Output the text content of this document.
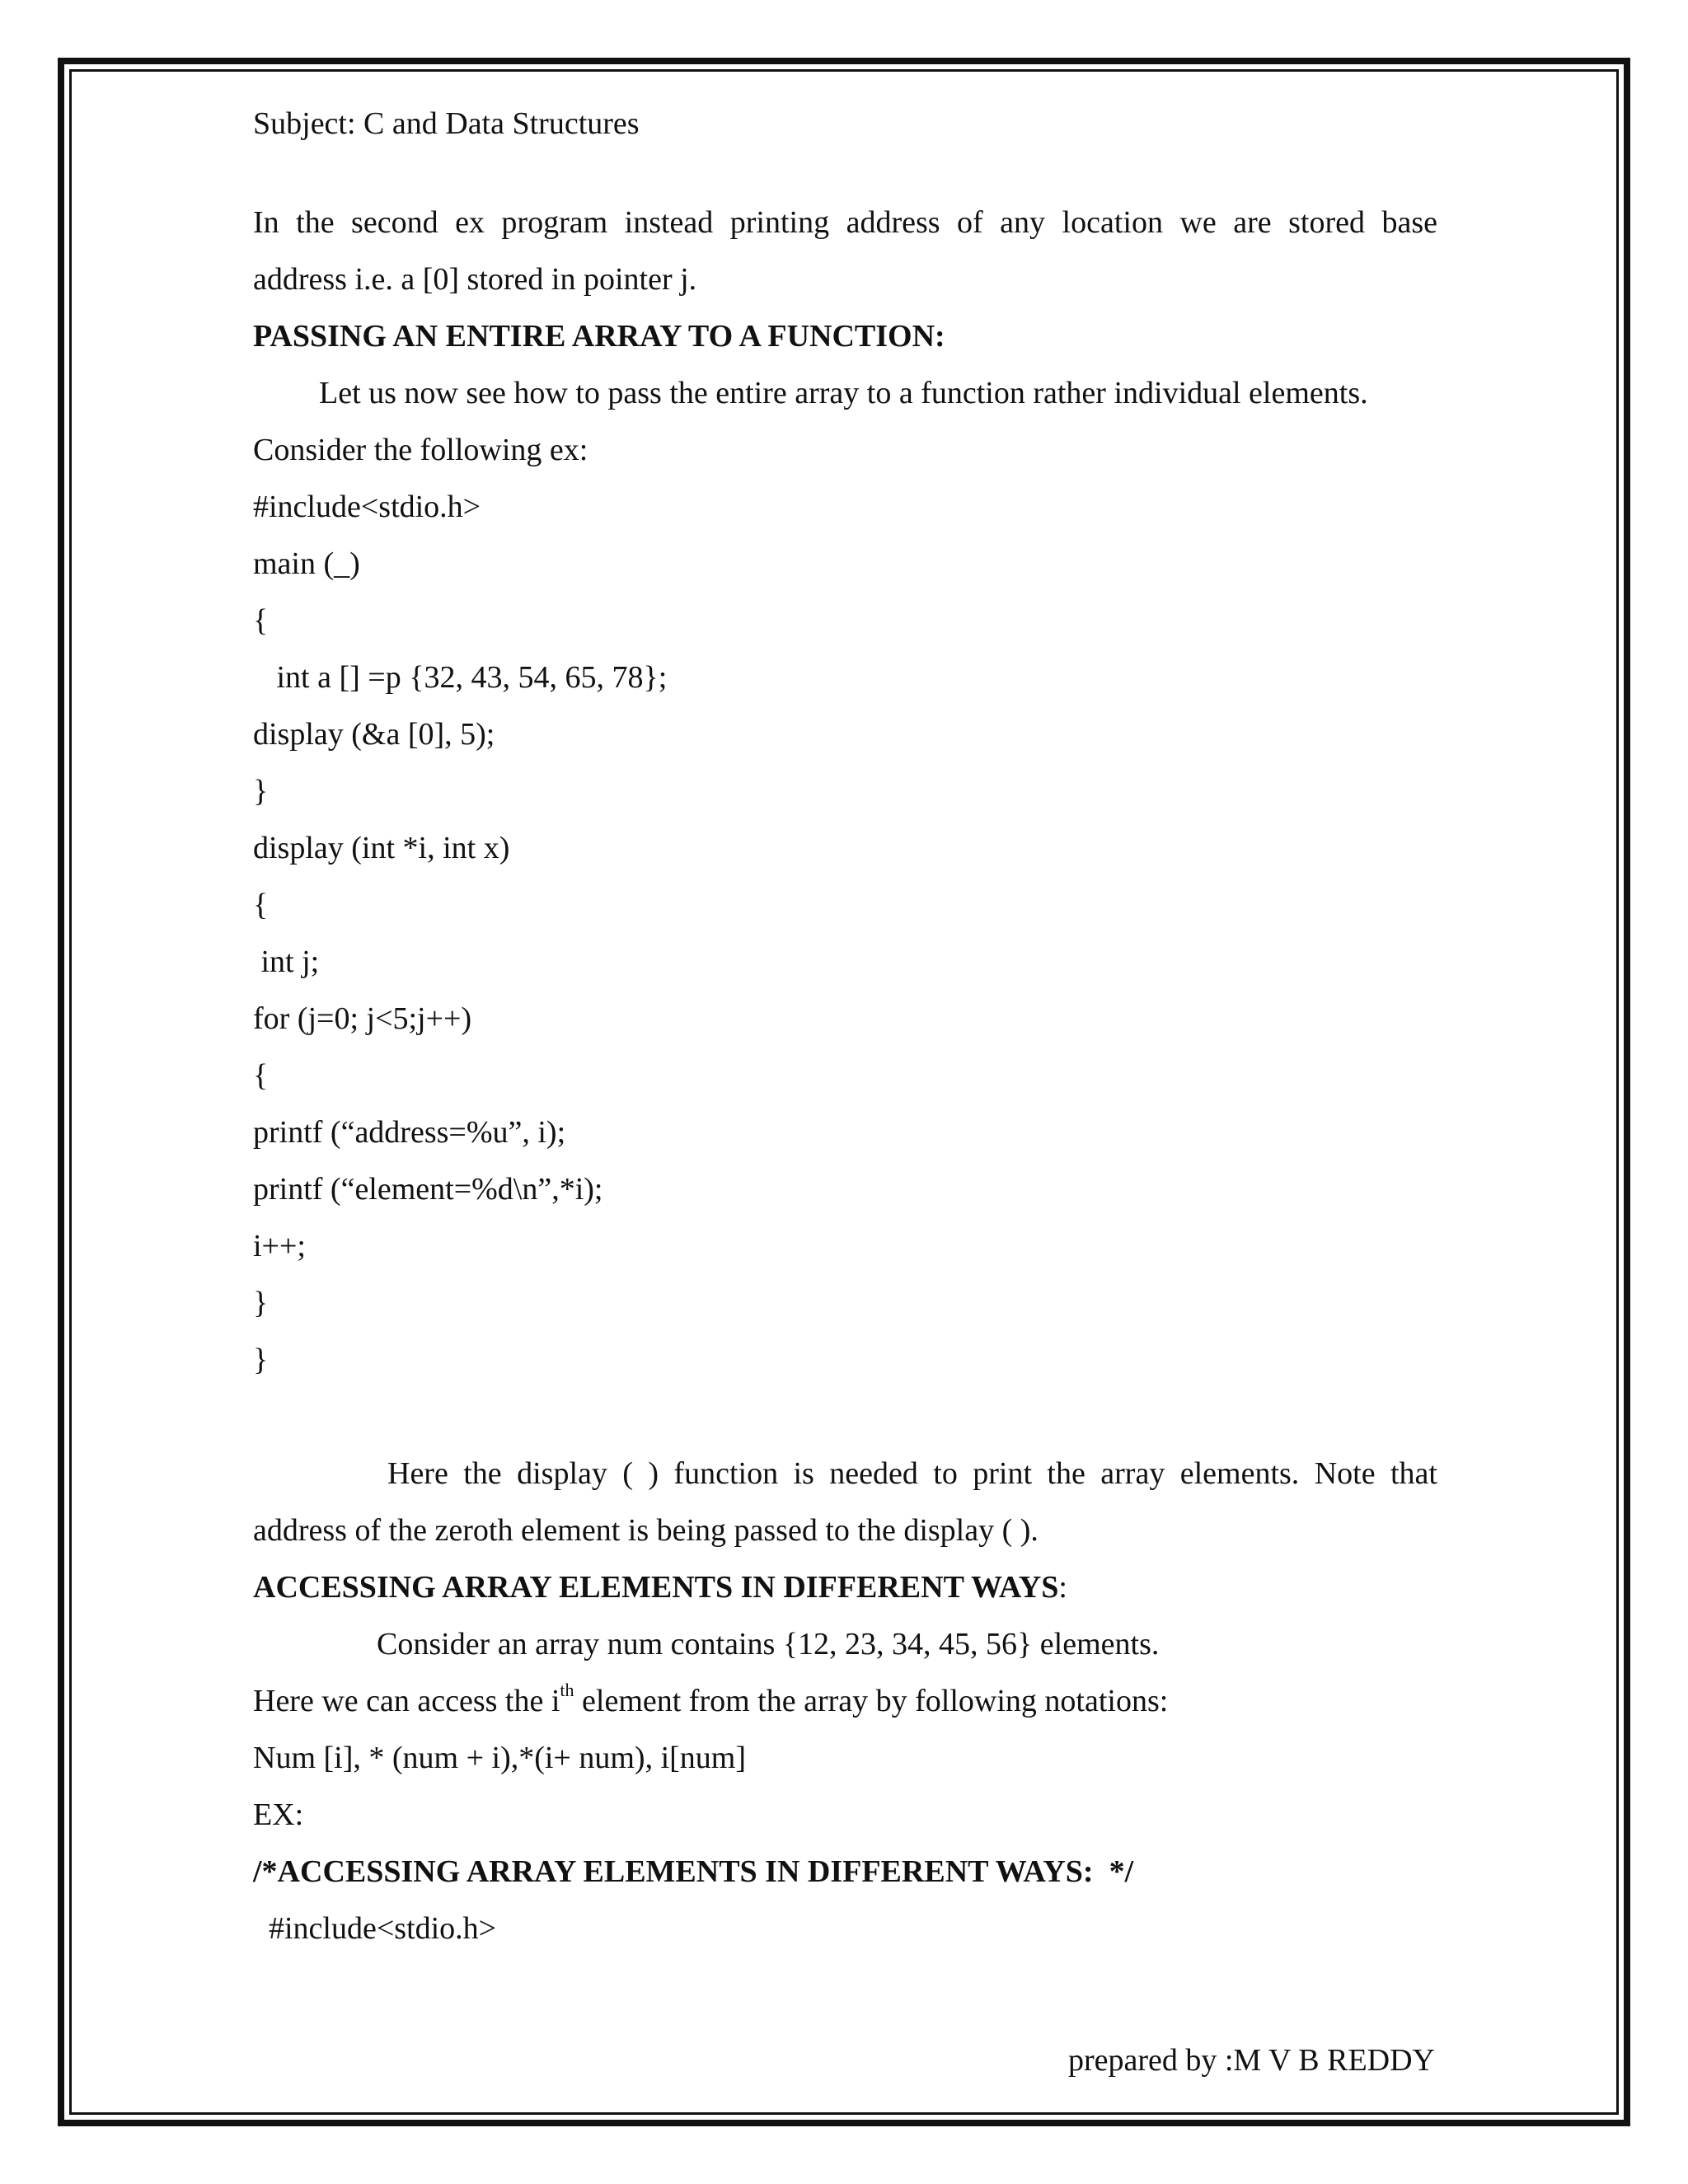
Subject: C and Data Structures
In the second ex program instead printing address of any location we are stored base
address i.e. a [0] stored in pointer j.
PASSING AN ENTIRE ARRAY TO A FUNCTION:
Let us now see how to pass the entire array to a function rather individual elements.
Consider the following ex:
#include<stdio.h>
main (_)
{
int a [] =p {32, 43, 54, 65, 78};
display (&a [0], 5);
}
display (int *i, int x)
{
int j;
for (j=0; j<5;j++)
{
printf (“address=%u”, i);
printf (“element=%d\n”,*i);
i++;
}
}
Here the display ( ) function is needed to print the array elements. Note that
address of the zeroth element is being passed to the display ( ).
ACCESSING ARRAY ELEMENTS IN DIFFERENT WAYS:
Consider an array num contains {12, 23, 34, 45, 56} elements.
Here we can access the $i^{th}$ element from the array by following notations:
Num [i], * (num + i),*(i+ num), i[num]
EX:
/*ACCESSING ARRAY ELEMENTS IN DIFFERENT WAYS:  */
#include<stdio.h>
prepared by :M V B REDDY
